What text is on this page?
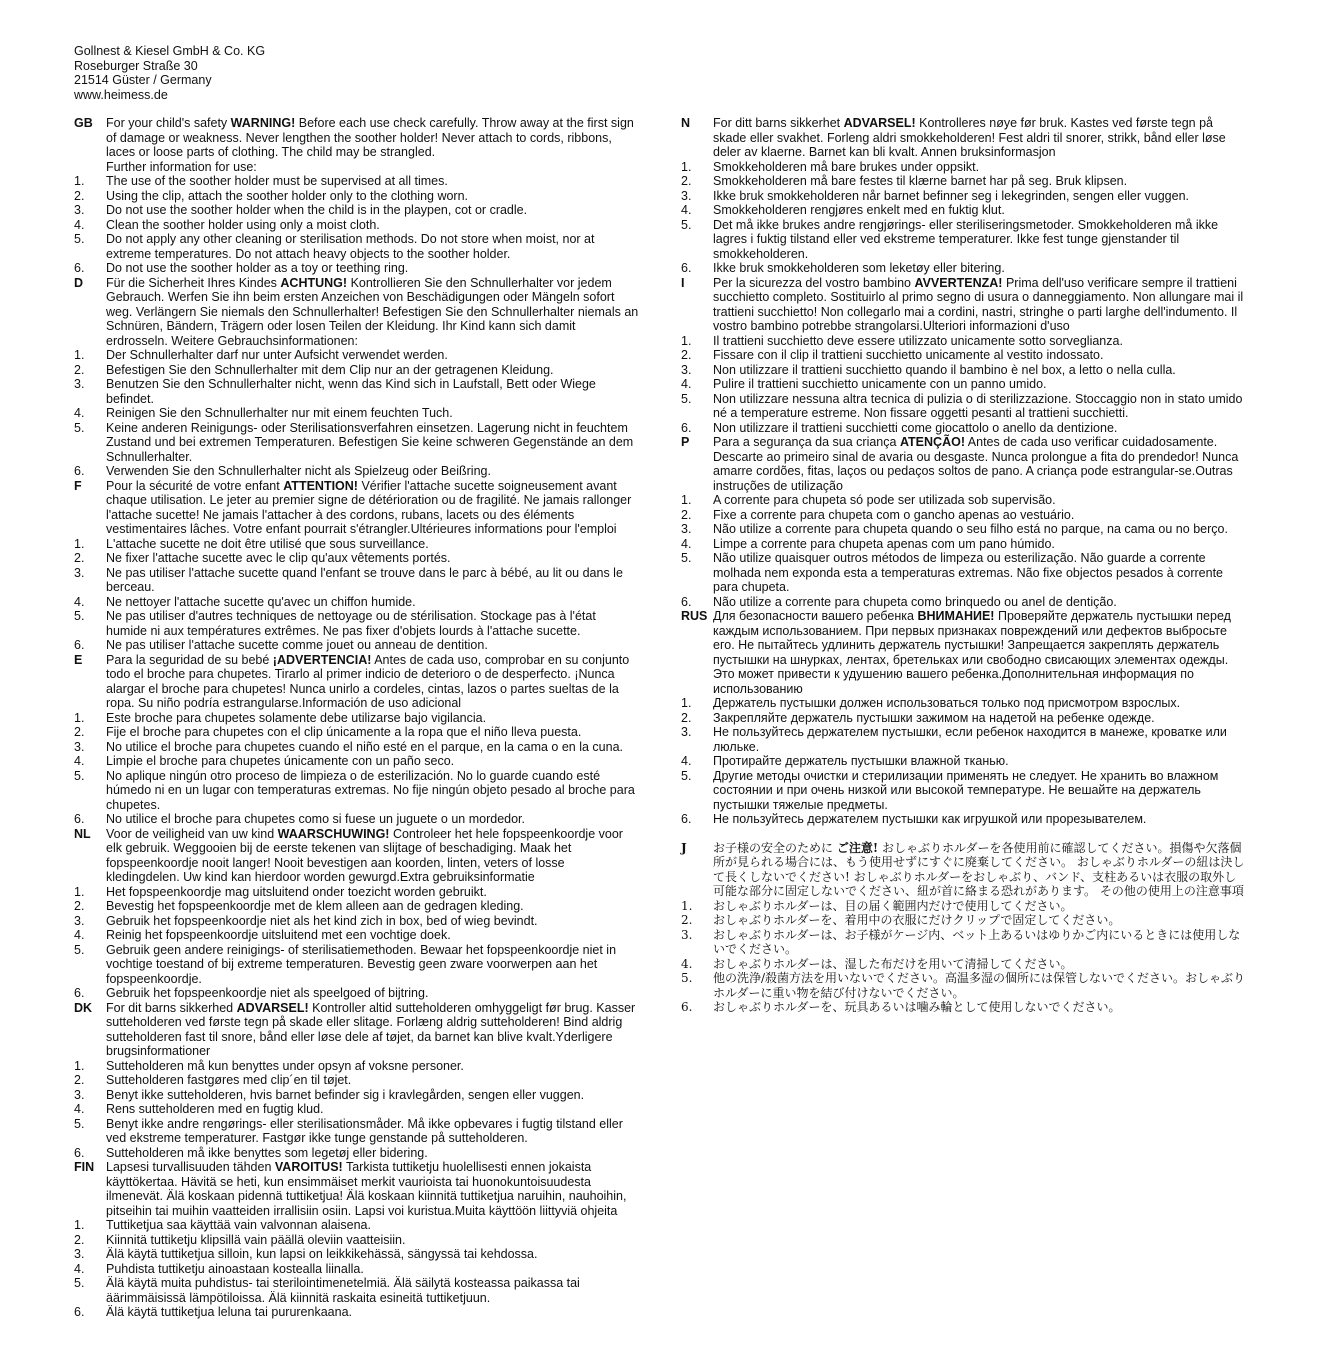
Gollnest & Kiesel GmbH & Co. KG
Roseburger Straße 30
21514 Güster / Germany
www.heimess.de
GB	For your child's safety WARNING! Before each use check carefully. Throw away at the first sign of damage or weakness. Never lengthen the soother holder! Never attach to cords, ribbons, laces or loose parts of clothing. The child may be strangled.
Further information for use:
1.	The use of the soother holder must be supervised at all times.
2.	Using the clip, attach the soother holder only to the clothing worn.
3.	Do not use the soother holder when the child is in the playpen, cot or cradle.
4.	Clean the soother holder using only a moist cloth.
5.	Do not apply any other cleaning or sterilisation methods. Do not store when moist, nor at extreme temperatures. Do not attach heavy objects to the soother holder.
6.	Do not use the soother holder as a toy or teething ring.
D	Für die Sicherheit Ihres Kindes ACHTUNG! Kontrollieren Sie den Schnullerhalter vor jedem Gebrauch. Werfen Sie ihn beim ersten Anzeichen von Beschädigungen oder Mängeln sofort weg. Verlängern Sie niemals den Schnullerhalter! Befestigen Sie den Schnullerhalter niemals an Schnüren, Bändern, Trägern oder losen Teilen der Kleidung. Ihr Kind kann sich damit erdrosseln. Weitere Gebrauchsinformationen:
1.	Der Schnullerhalter darf nur unter Aufsicht verwendet werden.
2.	Befestigen Sie den Schnullerhalter mit dem Clip nur an der getragenen Kleidung.
3.	Benutzen Sie den Schnullerhalter nicht, wenn das Kind sich in Laufstall, Bett oder Wiege befindet.
4.	Reinigen Sie den Schnullerhalter nur mit einem feuchten Tuch.
5.	Keine anderen Reinigungs- oder Sterilisationsverfahren einsetzen. Lagerung nicht in feuchtem Zustand und bei extremen Temperaturen. Befestigen Sie keine schweren Gegenstände an dem Schnullerhalter.
6.	Verwenden Sie den Schnullerhalter nicht als Spielzeug oder Beißring.
F	Pour la sécurité de votre enfant ATTENTION! Vérifier l'attache sucette soigneusement avant chaque utilisation. Le jeter au premier signe de détérioration ou de fragilité. Ne jamais rallonger l'attache sucette! Ne jamais l'attacher à des cordons, rubans, lacets ou des éléments vestimentaires lâches. Votre enfant pourrait s'étrangler.Ultérieures informations pour l'emploi
1.	L'attache sucette ne doit être utilisé que sous surveillance.
2.	Ne fixer l'attache sucette avec le clip qu'aux vêtements portés.
3.	Ne pas utiliser l'attache sucette quand l'enfant se trouve dans le parc à bébé, au lit ou dans le berceau.
4.	Ne nettoyer l'attache sucette qu'avec un chiffon humide.
5.	Ne pas utiliser d'autres techniques de nettoyage ou de stérilisation. Stockage pas à l'état humide ni aux températures extrêmes. Ne pas fixer d'objets lourds à l'attache sucette.
6.	Ne pas utiliser l'attache sucette comme jouet ou anneau de dentition.
E	Para la seguridad de su bebé ¡ADVERTENCIA! Antes de cada uso, comprobar en su conjunto todo el broche para chupetes. Tirarlo al primer indicio de deterioro o de desperfecto. ¡Nunca alargar el broche para chupetes! Nunca unirlo a cordeles, cintas, lazos o partes sueltas de la ropa. Su niño podría estrangularse.Información de uso adicional
1.	Este broche para chupetes solamente debe utilizarse bajo vigilancia.
2.	Fije el broche para chupetes con el clip únicamente a la ropa que el niño lleva puesta.
3.	No utilice el broche para chupetes cuando el niño esté en el parque, en la cama o en la cuna.
4.	Limpie el broche para chupetes únicamente con un paño seco.
5.	No aplique ningún otro proceso de limpieza o de esterilización. No lo guarde cuando esté húmedo ni en un lugar con temperaturas extremas. No fije ningún objeto pesado al broche para chupetes.
6.	No utilice el broche para chupetes como si fuese un juguete o un mordedor.
NL	Voor de veiligheid van uw kind WAARSCHUWING! Controleer het hele fopspeenkoordje voor elk gebruik. Weggooien bij de eerste tekenen van slijtage of beschadiging. Maak het fopspeenkoordje nooit langer! Nooit bevestigen aan koorden, linten, veters of losse kledingdelen. Uw kind kan hierdoor worden gewurgd.Extra gebruiksinformatie
1.	Het fopspeenkoordje mag uitsluitend onder toezicht worden gebruikt.
2.	Bevestig het fopspeenkoordje met de klem alleen aan de gedragen kleding.
3.	Gebruik het fopspeenkoordje niet als het kind zich in box, bed of wieg bevindt.
4.	Reinig het fopspeenkoordje uitsluitend met een vochtige doek.
5.	Gebruik geen andere reinigings- of sterilisatiemethoden. Bewaar het fopspeenkoordje niet in vochtige toestand of bij extreme temperaturen. Bevestig geen zware voorwerpen aan het fopspeenkoordje.
6.	Gebruik het fopspeenkoordje niet als speelgoed of bijtring.
DK	For dit barns sikkerhed ADVARSEL! Kontroller altid sutteholderen omhyggeligt før brug. Kasser sutteholderen ved første tegn på skade eller slitage. Forlæng aldrig sutteholderen! Bind aldrig sutteholderen fast til snore, bånd eller løse dele af tøjet, da barnet kan blive kvalt.Yderligere brugsinformationer
1.	Sutteholderen må kun benyttes under opsyn af voksne personer.
2.	Sutteholderen fastgøres med clip´en til tøjet.
3.	Benyt ikke sutteholderen, hvis barnet befinder sig i kravlegården, sengen eller vuggen.
4.	Rens sutteholderen med en fugtig klud.
5.	Benyt ikke andre rengørings- eller sterilisationsmåder. Må ikke opbevares i fugtig tilstand eller ved ekstreme temperaturer. Fastgør ikke tunge genstande på sutteholderen.
6.	Sutteholderen må ikke benyttes som legetøj eller bidering.
FIN Lapsesi turvallisuuden tähden VAROITUS! Tarkista tuttiketju huolellisesti ennen jokaista käyttökertaa. Hävitä se heti, kun ensimmäiset merkit vaurioista tai huonokuntoisuudesta ilmenevät. Älä koskaan pidennä tuttiketjua! Älä koskaan kiinnitä tuttiketjua naruihin, nauhoihin, pitseihin tai muihin vaatteiden irrallisiin osiin. Lapsi voi kuristua.Muita käyttöön liittyviä ohjeita
1.	Tuttiketjua saa käyttää vain valvonnan alaisena.
2.	Kiinnitä tuttiketju klipsillä vain päällä oleviin vaatteisiin.
3.	Älä käytä tuttiketjua silloin, kun lapsi on leikkikehässä, sängyssä tai kehdossa.
4.	Puhdista tuttiketju ainoastaan kostealla liinalla.
5.	Älä käytä muita puhdistus- tai sterilointimenetelmiä. Älä säilytä kosteassa paikassa tai äärimmäisissä lämpötiloissa. Älä kiinnitä raskaita esineitä tuttiketjuun.
6.	Älä käytä tuttiketjua leluna tai pururenkaana.
N	For ditt barns sikkerhet ADVARSEL! Kontrolleres nøye før bruk. Kastes ved første tegn på skade eller svakhet. Forleng aldri smokkeholderen! Fest aldri til snorer, strikk, bånd eller løse deler av klaerne. Barnet kan bli kvalt. Annen bruksinformasjon
1.	Smokkeholderen må bare brukes under oppsikt.
2.	Smokkeholderen må bare festes til klærne barnet har på seg. Bruk klipsen.
3.	Ikke bruk smokkeholderen når barnet befinner seg i lekegrinden, sengen eller vuggen.
4.	Smokkeholderen rengjøres enkelt med en fuktig klut.
5.	Det må ikke brukes andre rengjørings- eller steriliseringsmetoder. Smokkeholderen må ikke lagres i fuktig tilstand eller ved ekstreme temperaturer. Ikke fest tunge gjenstander til smokkeholderen.
6.	Ikke bruk smokkeholderen som leketøy eller bitering.
I	Per la sicurezza del vostro bambino AVVERTENZA! Prima dell'uso verificare sempre il trattieni succhietto completo. Sostituirlo al primo segno di usura o danneggiamento. Non allungare mai il trattieni succhietto! Non collegarlo mai a cordini, nastri, stringhe o parti larghe dell'indumento. Il vostro bambino potrebbe strangolarsi.Ulteriori informazioni d'uso
1.	Il trattieni succhietto deve essere utilizzato unicamente sotto sorveglianza.
2.	Fissare con il clip il trattieni succhietto unicamente al vestito indossato.
3.	Non utilizzare il trattieni succhietto quando il bambino è nel box, a letto o nella culla.
4.	Pulire il trattieni succhietto unicamente con un panno umido.
5.	Non utilizzare nessuna altra tecnica di pulizia o di sterilizzazione. Stoccaggio non in stato umido né a temperature estreme. Non fissare oggetti pesanti al trattieni succhietti.
6.	Non utilizzare il trattieni succhietti come giocattolo o anello da dentizione.
P	Para a segurança da sua criança ATENÇÃO! Antes de cada uso verificar cuidadosamente. Descarte ao primeiro sinal de avaria ou desgaste. Nunca prolongue a fita do prendedor! Nunca amarre cordões, fitas, laços ou pedaços soltos de pano. A criança pode estrangular-se.Outras instruções de utilização
1.	A corrente para chupeta só pode ser utilizada sob supervisão.
2.	Fixe a corrente para chupeta com o gancho apenas ao vestuário.
3.	Não utilize a corrente para chupeta quando o seu filho está no parque, na cama ou no berço.
4.	Limpe a corrente para chupeta apenas com um pano húmido.
5.	Não utilize quaisquer outros métodos de limpeza ou esterilização. Não guarde a corrente molhada nem exponda esta a temperaturas extremas. Não fixe objectos pesados à corrente para chupeta.
6.	Não utilize a corrente para chupeta como brinquedo ou anel de dentição.
RUS Для безопасности вашего ребенка ВНИМАНИЕ! Проверяйте держатель пустышки перед каждым использованием. При первых признаках повреждений или дефектов выбросьте его. Не пытайтесь удлинить держатель пустышки! Запрещается закреплять держатель пустышки на шнурках, лентах, бретельках или свободно свисающих элементах одежды. Это может привести к удушению вашего ребенка.Дополнительная информация по использованию
1.	Держатель пустышки должен использоваться только под присмотром взрослых.
2.	Закрепляйте держатель пустышки зажимом на надетой на ребенке одежде.
3.	Не пользуйтесь держателем пустышки, если ребенок находится в манеже, кроватке или люльке.
4.	Протирайте держатель пустышки влажной тканью.
5.	Другие методы очистки и стерилизации применять не следует. Не хранить во влажном состоянии и при очень низкой или высокой температуре. Не вешайте на держатель пустышки тяжелые предметы.
6.	Не пользуйтесь держателем пустышки как игрушкой или прорезывателем.
J	お子様の安全のために ご注意! おしゃぶりホルダーを各使用前に確認してください。損傷や欠落個所が見られる場合には、もう使用せずにすぐに廃棄してください。 おしゃぶりホルダーの紐は決して長くしないでください! おしゃぶりホルダーをおしゃぶり、バンド、支柱あるいは衣服の取外し可能な部分に固定しないでください、紐が首に絡まる恐れがあります。 その他の使用上の注意事項
1.	おしゃぶりホルダーは、目の届く範囲内だけで使用してください。
2.	おしゃぶりホルダーを、着用中の衣服にだけクリップで固定してください。
3.	おしゃぶりホルダーは、お子様がケージ内、ベット上あるいはゆりかご内にいるときには使用しないでください。
4.	おしゃぶりホルダーは、湿した布だけを用いて清掃してください。
5.	他の洗浄/殺菌方法を用いないでください。高温多湿の個所には保管しないでください。おしゃぶりホルダーに重い物を結び付けないでください。
6.	おしゃぶりホルダーを、玩具あるいは噛み輪として使用しないでください。
